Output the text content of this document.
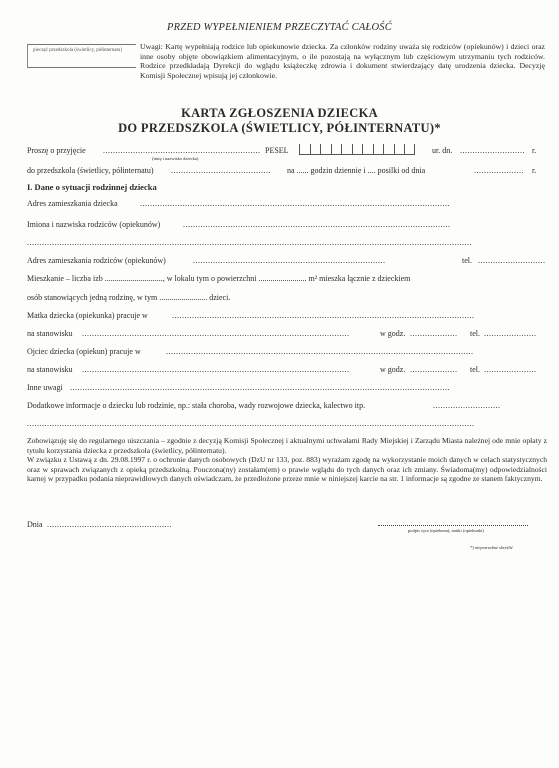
PRZED WYPEŁNIENIEM PRZECZYTAĆ CAŁOŚĆ
pieczęć przedszkola (świetlicy, półinternatu) Uwagi: Kartę wypełniają rodzice lub opiekunowie dziecka. Za członków rodziny uważa się rodziców (opiekunów) i dzieci oraz inne osoby objęte obowiązkiem alimentacyjnym, o ile pozostają na wyłącznym lub częściowym utrzymaniu tych rodziców. Rodzice przedkładają Dyrekcji do wglądu książeczkę zdrowia i dokument stwierdzający datę urodzenia dziecka. Decyzję Komisji Społecznej wpisują jej członkowie.
KARTA ZGŁOSZENIA DZIECKA
DO PRZEDSZKOLA (ŚWIETLICY, PÓŁINTERNATU)*
Proszę o przyjęcie ............................................................... PESEL	ur. dn. .......................... r.
(imię i nazwisko dziecka)
do przedszkola (świetlicy, półinternatu) ........................................ na ...... godzin dziennie i .... posilki od dnia	.................... r.
I. Dane o sytuacji rodzinnej dziecka
Adres zamieszkania dziecka	............................................................................................................................
Imiona i nazwiska rodziców (opiekunów)	...........................................................................................................
..................................................................................................................................................................................
Adres zamieszkania rodziców (opiekunów)	.............................................................................	tel. ...........................
Mieszkanie – liczba izb ............................., w lokalu tym o powierzchni ........................ m² mieszka łącznie z dzieckiem
osób stanowiących jedną rodzinę, w tym ........................ dzieci.
Matka dziecka (opiekunka) pracuje w	.........................................................................................................................
na stanowisku ...........................................................................................................	w godz. ................... tel. .....................
Ojciec dziecka (opiekun) pracuje w	...........................................................................................................................
na stanowisku ...........................................................................................................	w godz. ................... tel. .....................
Inne uwagi ........................................................................................................................................................
Dodatkowe informacje o dziecku lub rodzinie, np.: stała choroba, wady rozwojowe dziecka, kalectwo itp.	...........................
...................................................................................................................................................................................
Zobowiązuję się do regularnego uiszczania – zgodnie z decyzją Komisji Społecznej i aktualnymi uchwałami Rady Miejskiej i Zarządu Miasta należnej ode mnie opłaty z tytułu korzystania dziecka z przedszkola (świetlicy, półinternatu).
W związku z Ustawą z dn. 29.08.1997 r. o ochronie danych osobowych (DzU nr 133, poz. 883) wyrażam zgodę na wykorzystanie moich danych w celach statystycznych oraz w sprawach związanych z opieką przedszkolną. Pouczona(ny) zostałam(em) o prawie wglądu do tych danych oraz ich zmiany. Świadoma(my) odpowiedzialności karnej w przypadku podania nieprawidłowych danych oświadczam, że przedłożone przeze mnie w niniejszej karcie na str. 1 informacje są zgodne ze stanem faktycznym.
Dnia ..................................................
podpis ojca (opiekuna), matki (opiekunki)
*) niepotrzebne skreślić
